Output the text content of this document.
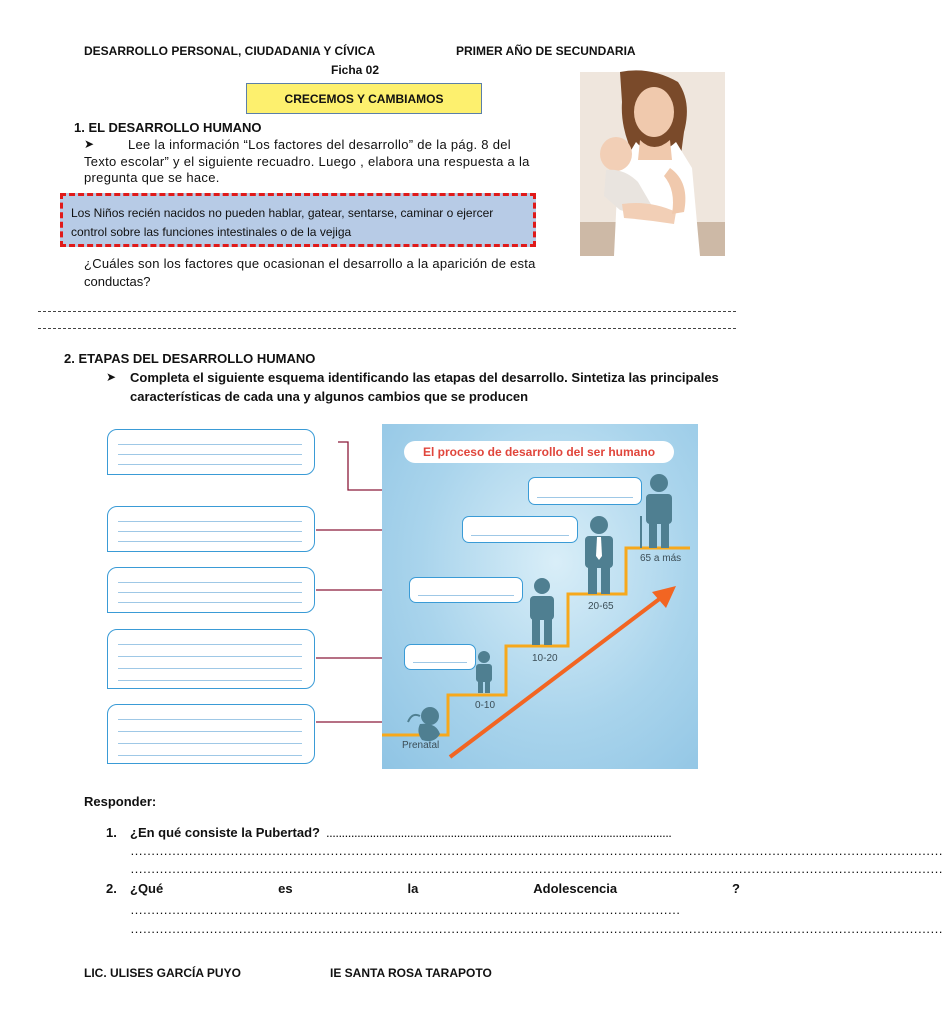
DESARROLLO PERSONAL, CIUDADANIA Y CÍVICA	PRIMER AÑO DE SECUNDARIA
Ficha 02
CRECEMOS Y CAMBIAMOS
1. EL DESARROLLO HUMANO
➤	Lee la información “Los factores del desarrollo” de la pág. 8 del
Texto escolar” y el siguiente recuadro. Luego , elabora una respuesta a la
pregunta que se hace.
Los Niños recién nacidos no pueden hablar, gatear, sentarse, caminar o ejercer
control sobre las funciones intestinales o de la vejiga
¿Cuáles son los factores que ocasionan el desarrollo a la aparición de esta
conductas?
2. ETAPAS DEL DESARROLLO HUMANO
➤ Completa el siguiente esquema identificando las etapas del desarrollo. Sintetiza las principales
características de cada una y algunos cambios que se producen
El proceso de desarrollo del ser humano
Prenatal
0-10
10-20
20-65
65 a más
Responder:
1. ¿En qué consiste la Pubertad? ...............................................................................................................
……………………………………………………………………………………………………………………………………………………………………………
……………………………………………………………………………………………………………………………………………………………………………
2. ¿Qué	es	la	Adolescencia	?
……………………………………………………………………………………………………………………
……………………………………………………………………………………………………………………………………………………………………………
LIC. ULISES GARCÍA PUYO	IE SANTA ROSA TARAPOTO
